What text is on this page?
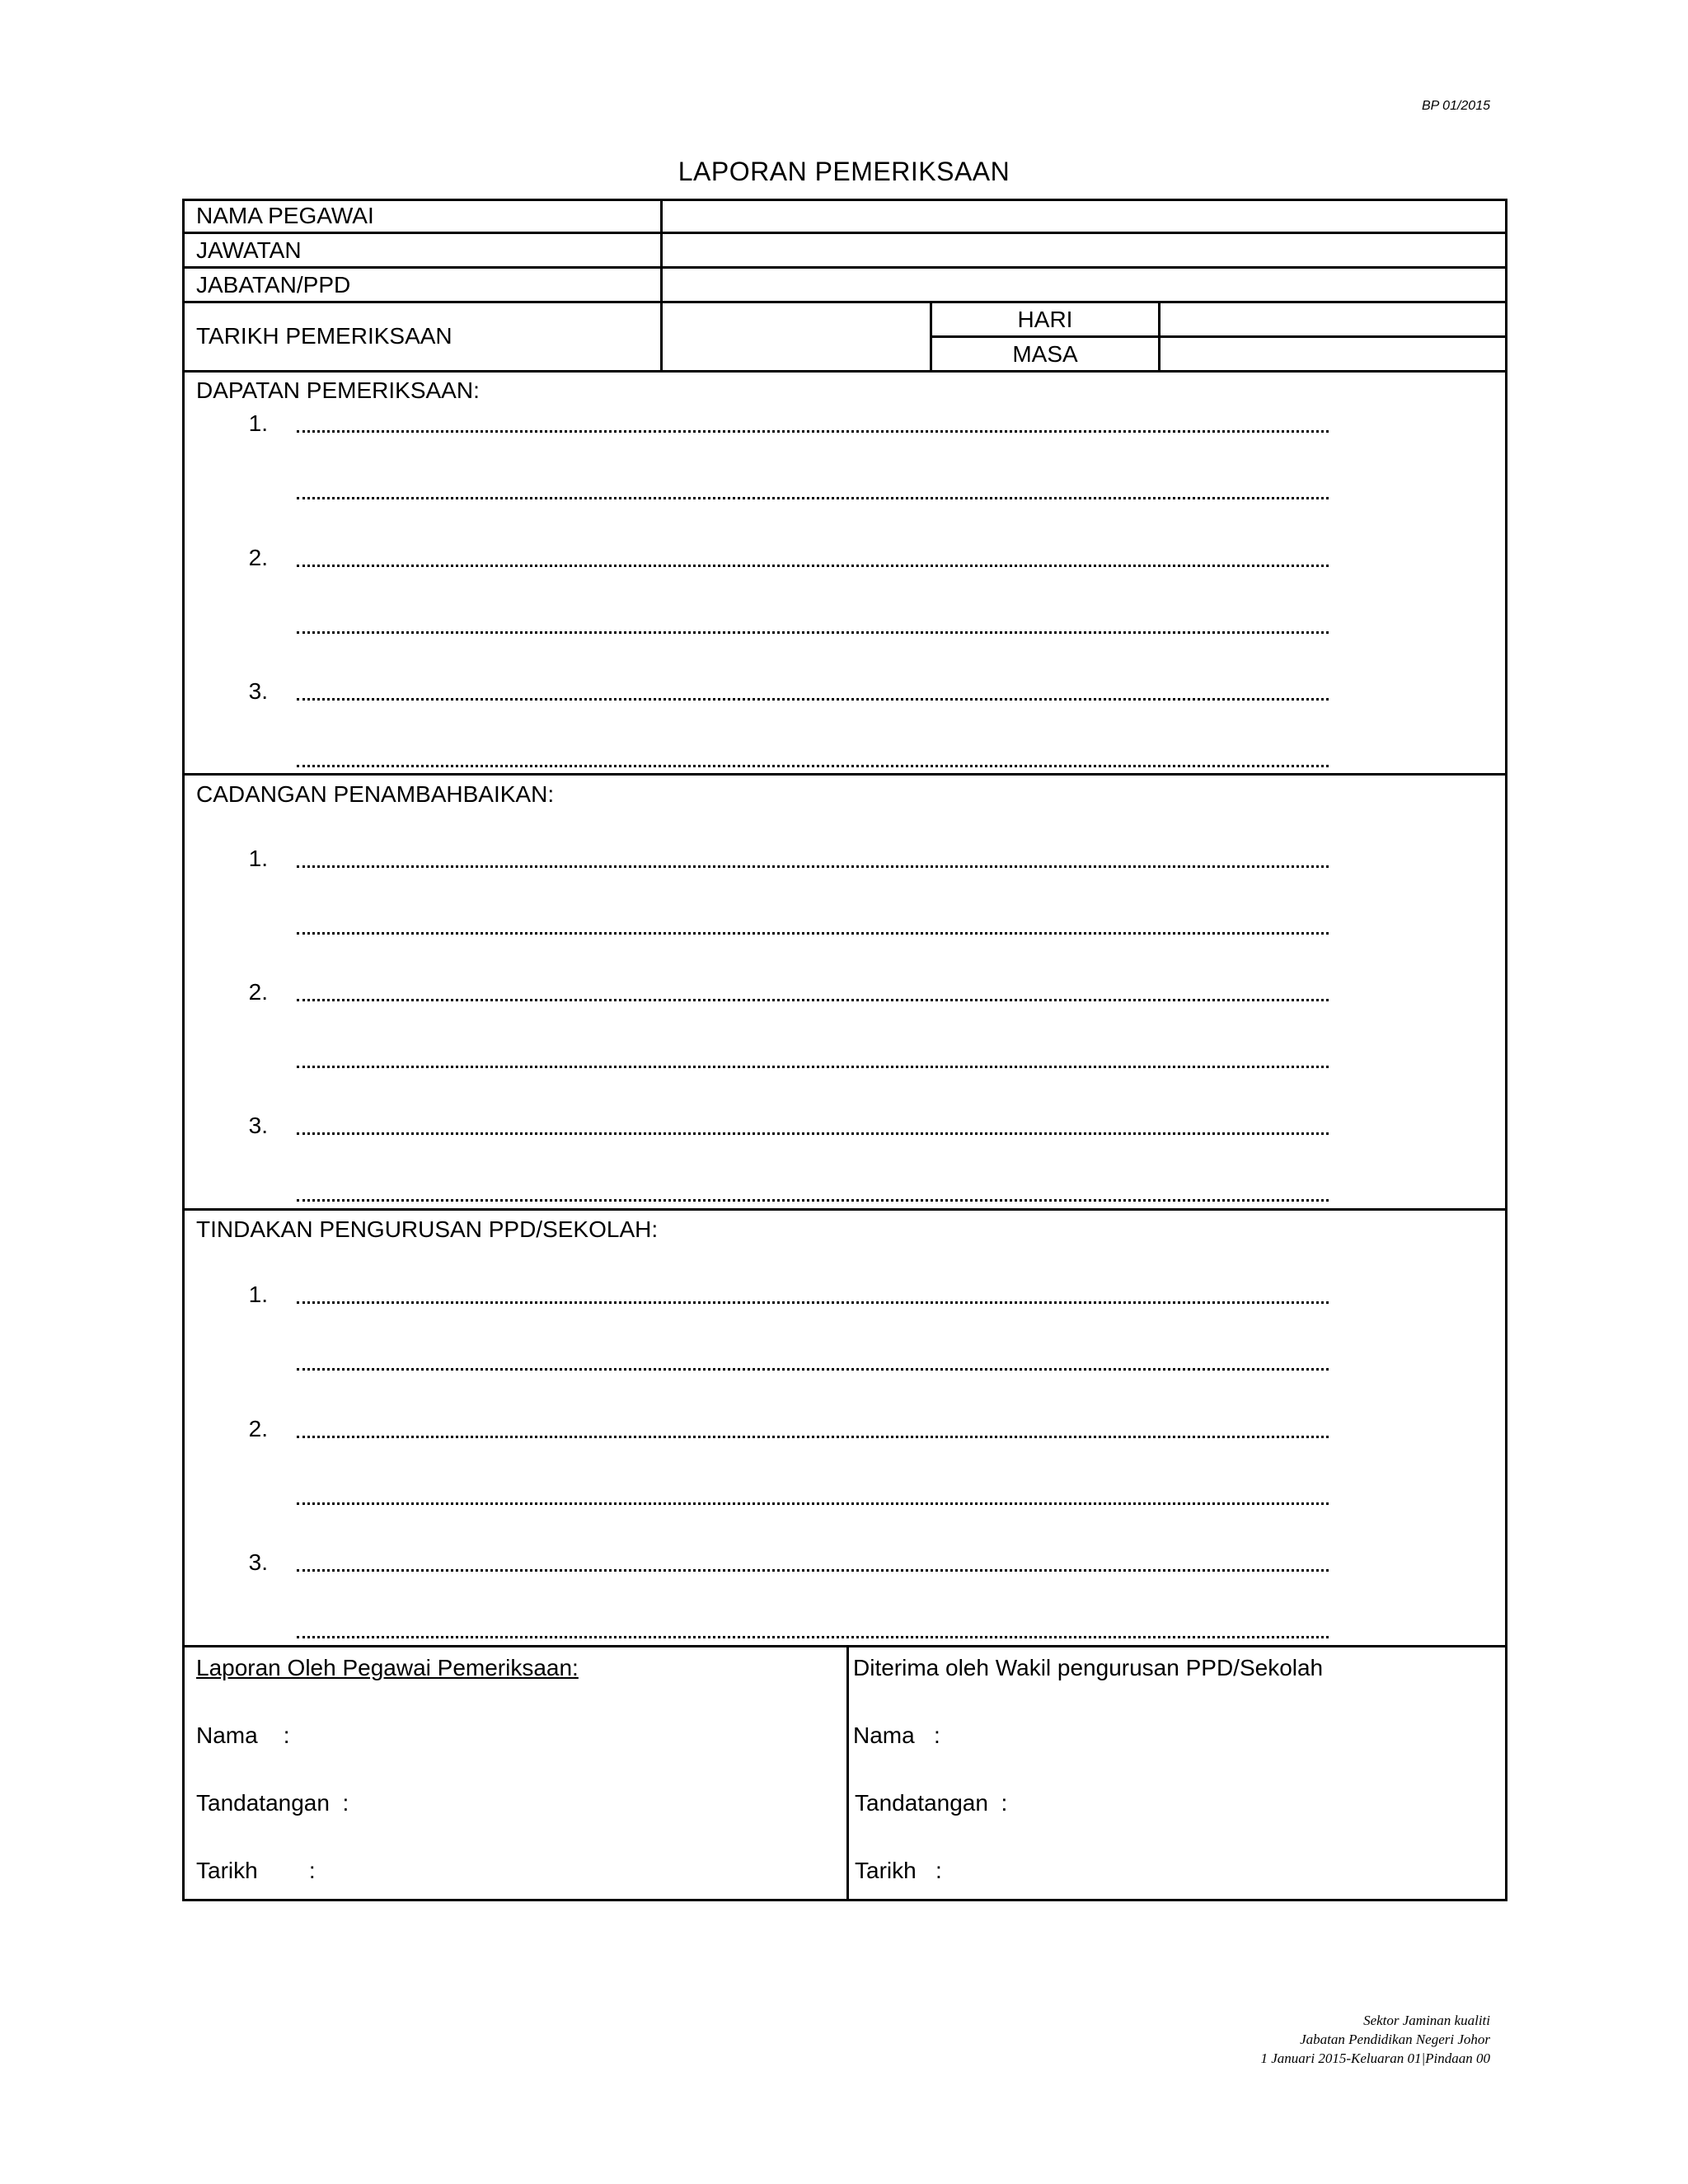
BP 01/2015
LAPORAN PEMERIKSAAN
NAMA PEGAWAI
JAWATAN
JABATAN/PPD
TARIKH PEMERIKSAAN
HARI
MASA
DAPATAN PEMERIKSAAN:
1.
2.
3.
CADANGAN PENAMBAHBAIKAN:
1.
2.
3.
TINDAKAN PENGURUSAN PPD/SEKOLAH:
1.
2.
3.
Laporan Oleh Pegawai Pemeriksaan:
Nama    :
Tandatangan  :
Tarikh        :
Diterima oleh Wakil pengurusan PPD/Sekolah
Nama   :
Tandatangan  :
Tarikh   :
Sektor Jaminan kualiti
Jabatan Pendidikan Negeri Johor
1 Januari 2015-Keluaran 01|Pindaan 00
